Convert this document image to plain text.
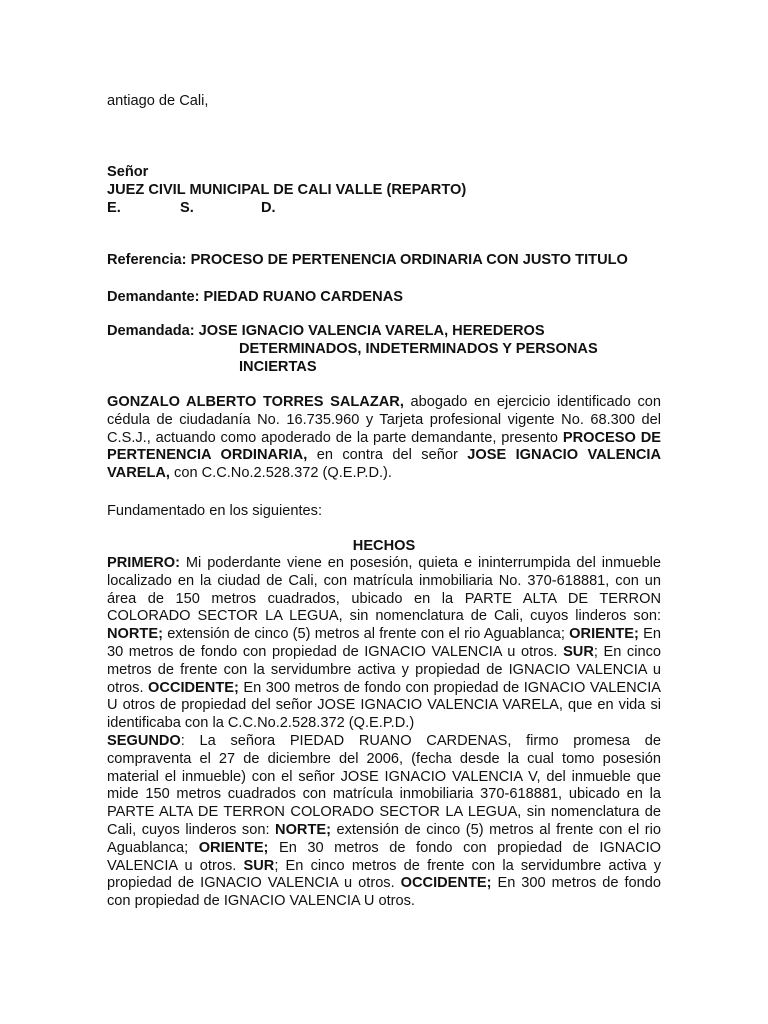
antiago de Cali,
Señor
JUEZ CIVIL MUNICIPAL DE CALI VALLE (REPARTO)
E.	S.	D.
Referencia: PROCESO DE PERTENENCIA ORDINARIA CON JUSTO TITULO
Demandante: PIEDAD RUANO CARDENAS
Demandada: JOSE IGNACIO VALENCIA VARELA, HEREDEROS
DETERMINADOS, INDETERMINADOS Y PERSONAS
INCIERTAS
GONZALO ALBERTO TORRES SALAZAR, abogado en ejercicio identificado con cédula de ciudadanía No. 16.735.960 y Tarjeta profesional vigente No. 68.300 del C.S.J., actuando como apoderado de la parte demandante, presento PROCESO DE PERTENENCIA ORDINARIA, en contra del señor JOSE IGNACIO VALENCIA VARELA, con C.C.No.2.528.372 (Q.E.P.D.).
Fundamentado en los siguientes:
HECHOS
PRIMERO: Mi poderdante viene en posesión, quieta e ininterrumpida del inmueble localizado en la ciudad de Cali, con matrícula inmobiliaria No. 370-618881, con un área de 150 metros cuadrados, ubicado en la PARTE ALTA DE TERRON COLORADO SECTOR LA LEGUA, sin nomenclatura de Cali, cuyos linderos son: NORTE; extensión de cinco (5) metros al frente con el rio Aguablanca; ORIENTE; En 30 metros de fondo con propiedad de IGNACIO VALENCIA u otros. SUR; En cinco metros de frente con la servidumbre activa y propiedad de IGNACIO VALENCIA u otros. OCCIDENTE; En 300 metros de fondo con propiedad de IGNACIO VALENCIA U otros de propiedad del señor JOSE IGNACIO VALENCIA VARELA, que en vida si identificaba con la C.C.No.2.528.372 (Q.E.P.D.)
SEGUNDO: La señora PIEDAD RUANO CARDENAS, firmo promesa de compraventa el 27 de diciembre del 2006, (fecha desde la cual tomo posesión material el inmueble) con el señor JOSE IGNACIO VALENCIA V, del inmueble que mide 150 metros cuadrados con matrícula inmobiliaria 370-618881, ubicado en la PARTE ALTA DE TERRON COLORADO SECTOR LA LEGUA, sin nomenclatura de Cali, cuyos linderos son: NORTE; extensión de cinco (5) metros al frente con el rio Aguablanca; ORIENTE; En 30 metros de fondo con propiedad de IGNACIO VALENCIA u otros. SUR; En cinco metros de frente con la servidumbre activa y propiedad de IGNACIO VALENCIA u otros. OCCIDENTE; En 300 metros de fondo con propiedad de IGNACIO VALENCIA U otros.
